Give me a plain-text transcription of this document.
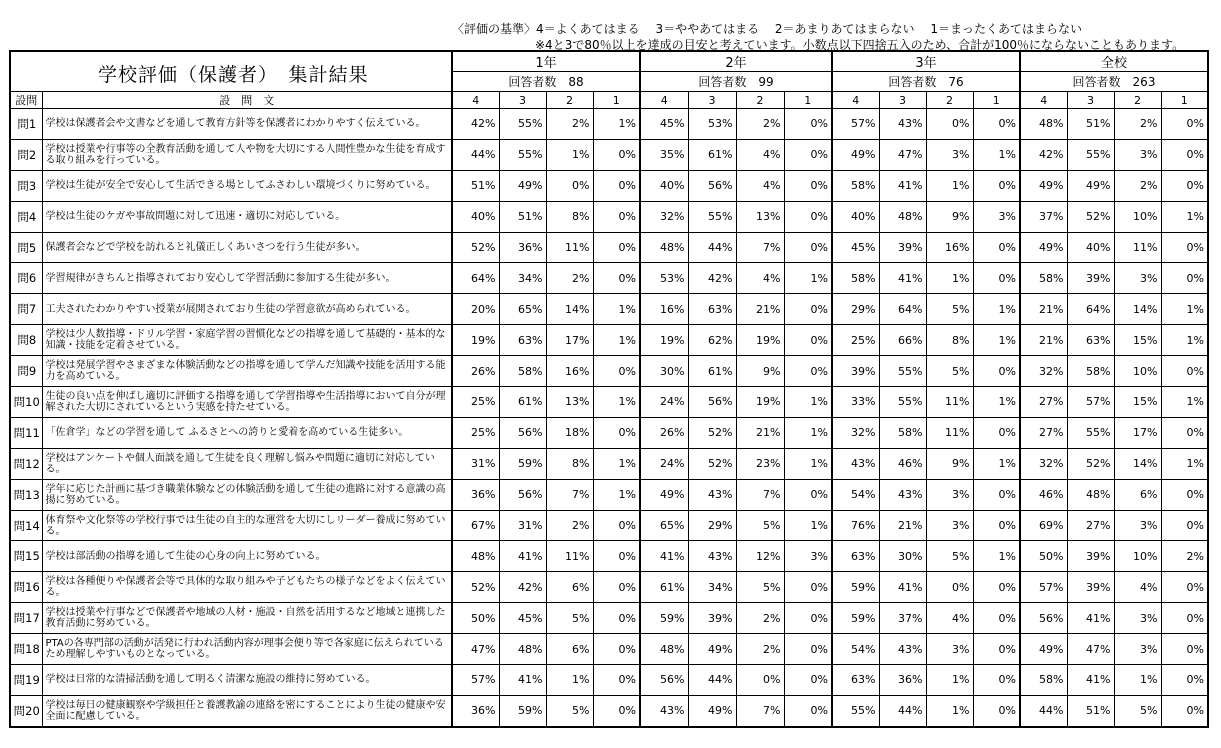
〈評価の基準〉4＝よくあてはまる　 3＝ややあてはまる　 2＝あまりあてはまらない　 1＝まったくあてはまらない
※4と3で80％以上を達成の目安と考えています。小数点以下四捨五入のため、合計が100％にならないこともあります。
		1年				2年				3年				全校			
		回答者数　88				回答者数　99				回答者数　76				回答者数　263			
設問	設　問　文	4	3	2	1	4	3	2	1	4	3	2	1	4	3	2	1
問1	学校は保護者会や文書などを通して教育方針等を保護者にわかりやすく伝えている。	42%	55%	2%	1%	45%	53%	2%	0%	57%	43%	0%	0%	48%	51%	2%	0%
問2	学校は授業や行事等の全教育活動を通して人や物を大切にする人間性豊かな生徒を育成する取り組みを行っている。	44%	55%	1%	0%	35%	61%	4%	0%	49%	47%	3%	1%	42%	55%	3%	0%
問3	学校は生徒が安全で安心して生活できる場としてふさわしい環境づくりに努めている。	51%	49%	0%	0%	40%	56%	4%	0%	58%	41%	1%	0%	49%	49%	2%	0%
問4	学校は生徒のケガや事故問題に対して迅速・適切に対応している。	40%	51%	8%	0%	32%	55%	13%	0%	40%	48%	9%	3%	37%	52%	10%	1%
問5	保護者会などで学校を訪れると礼儀正しくあいさつを行う生徒が多い。	52%	36%	11%	0%	48%	44%	7%	0%	45%	39%	16%	0%	49%	40%	11%	0%
問6	学習規律がきちんと指導されており安心して学習活動に参加する生徒が多い。	64%	34%	2%	0%	53%	42%	4%	1%	58%	41%	1%	0%	58%	39%	3%	0%
問7	工夫されたわかりやすい授業が展開されており生徒の学習意欲が高められている。	20%	65%	14%	1%	16%	63%	21%	0%	29%	64%	5%	1%	21%	64%	14%	1%
問8	学校は少人数指導・ドリル学習・家庭学習の習慣化などの指導を通して基礎的・基本的な知識・技能を定着させている。	19%	63%	17%	1%	19%	62%	19%	0%	25%	66%	8%	1%	21%	63%	15%	1%
問9	学校は発展学習やさまざまな体験活動などの指導を通して学んだ知識や技能を活用する能力を高めている。	26%	58%	16%	0%	30%	61%	9%	0%	39%	55%	5%	0%	32%	58%	10%	0%
問10	生徒の良い点を伸ばし適切に評価する指導を通して学習指導や生活指導において自分が理解された大切にされているという実感を持たせている。	25%	61%	13%	1%	24%	56%	19%	1%	33%	55%	11%	1%	27%	57%	15%	1%
問11	「佐倉学」などの学習を通して ふるさとへの誇りと愛着を高めている生徒多い。	25%	56%	18%	0%	26%	52%	21%	1%	32%	58%	11%	0%	27%	55%	17%	0%
問12	学校はアンケートや個人面談を通して生徒を良く理解し悩みや問題に適切に対応している。	31%	59%	8%	1%	24%	52%	23%	1%	43%	46%	9%	1%	32%	52%	14%	1%
問13	学年に応じた計画に基づき職業体験などの体験活動を通して生徒の進路に対する意識の高揚に努めている。	36%	56%	7%	1%	49%	43%	7%	0%	54%	43%	3%	0%	46%	48%	6%	0%
問14	体育祭や文化祭等の学校行事では生徒の自主的な運営を大切にしリーダー養成に努めている。	67%	31%	2%	0%	65%	29%	5%	1%	76%	21%	3%	0%	69%	27%	3%	0%
問15	学校は部活動の指導を通して生徒の心身の向上に努めている。	48%	41%	11%	0%	41%	43%	12%	3%	63%	30%	5%	1%	50%	39%	10%	2%
問16	学校は各種便りや保護者会等で具体的な取り組みや子どもたちの様子などをよく伝えている。	52%	42%	6%	0%	61%	34%	5%	0%	59%	41%	0%	0%	57%	39%	4%	0%
問17	学校は授業や行事などで保護者や地域の人材・施設・自然を活用するなど地域と連携した教育活動に努めている。	50%	45%	5%	0%	59%	39%	2%	0%	59%	37%	4%	0%	56%	41%	3%	0%
問18	PTAの各専門部の活動が活発に行われ活動内容が理事会便り等で各家庭に伝えられているため理解しやすいものとなっている。	47%	48%	6%	0%	48%	49%	2%	0%	54%	43%	3%	0%	49%	47%	3%	0%
問19	学校は日常的な清掃活動を通して明るく清潔な施設の維持に努めている。	57%	41%	1%	0%	56%	44%	0%	0%	63%	36%	1%	0%	58%	41%	1%	0%
問20	学校は毎日の健康観察や学級担任と養護教諭の連絡を密にすることにより生徒の健康や安全面に配慮している。	36%	59%	5%	0%	43%	49%	7%	0%	55%	44%	1%	0%	44%	51%	5%	0%
学校評価（保護者）　集計結果
